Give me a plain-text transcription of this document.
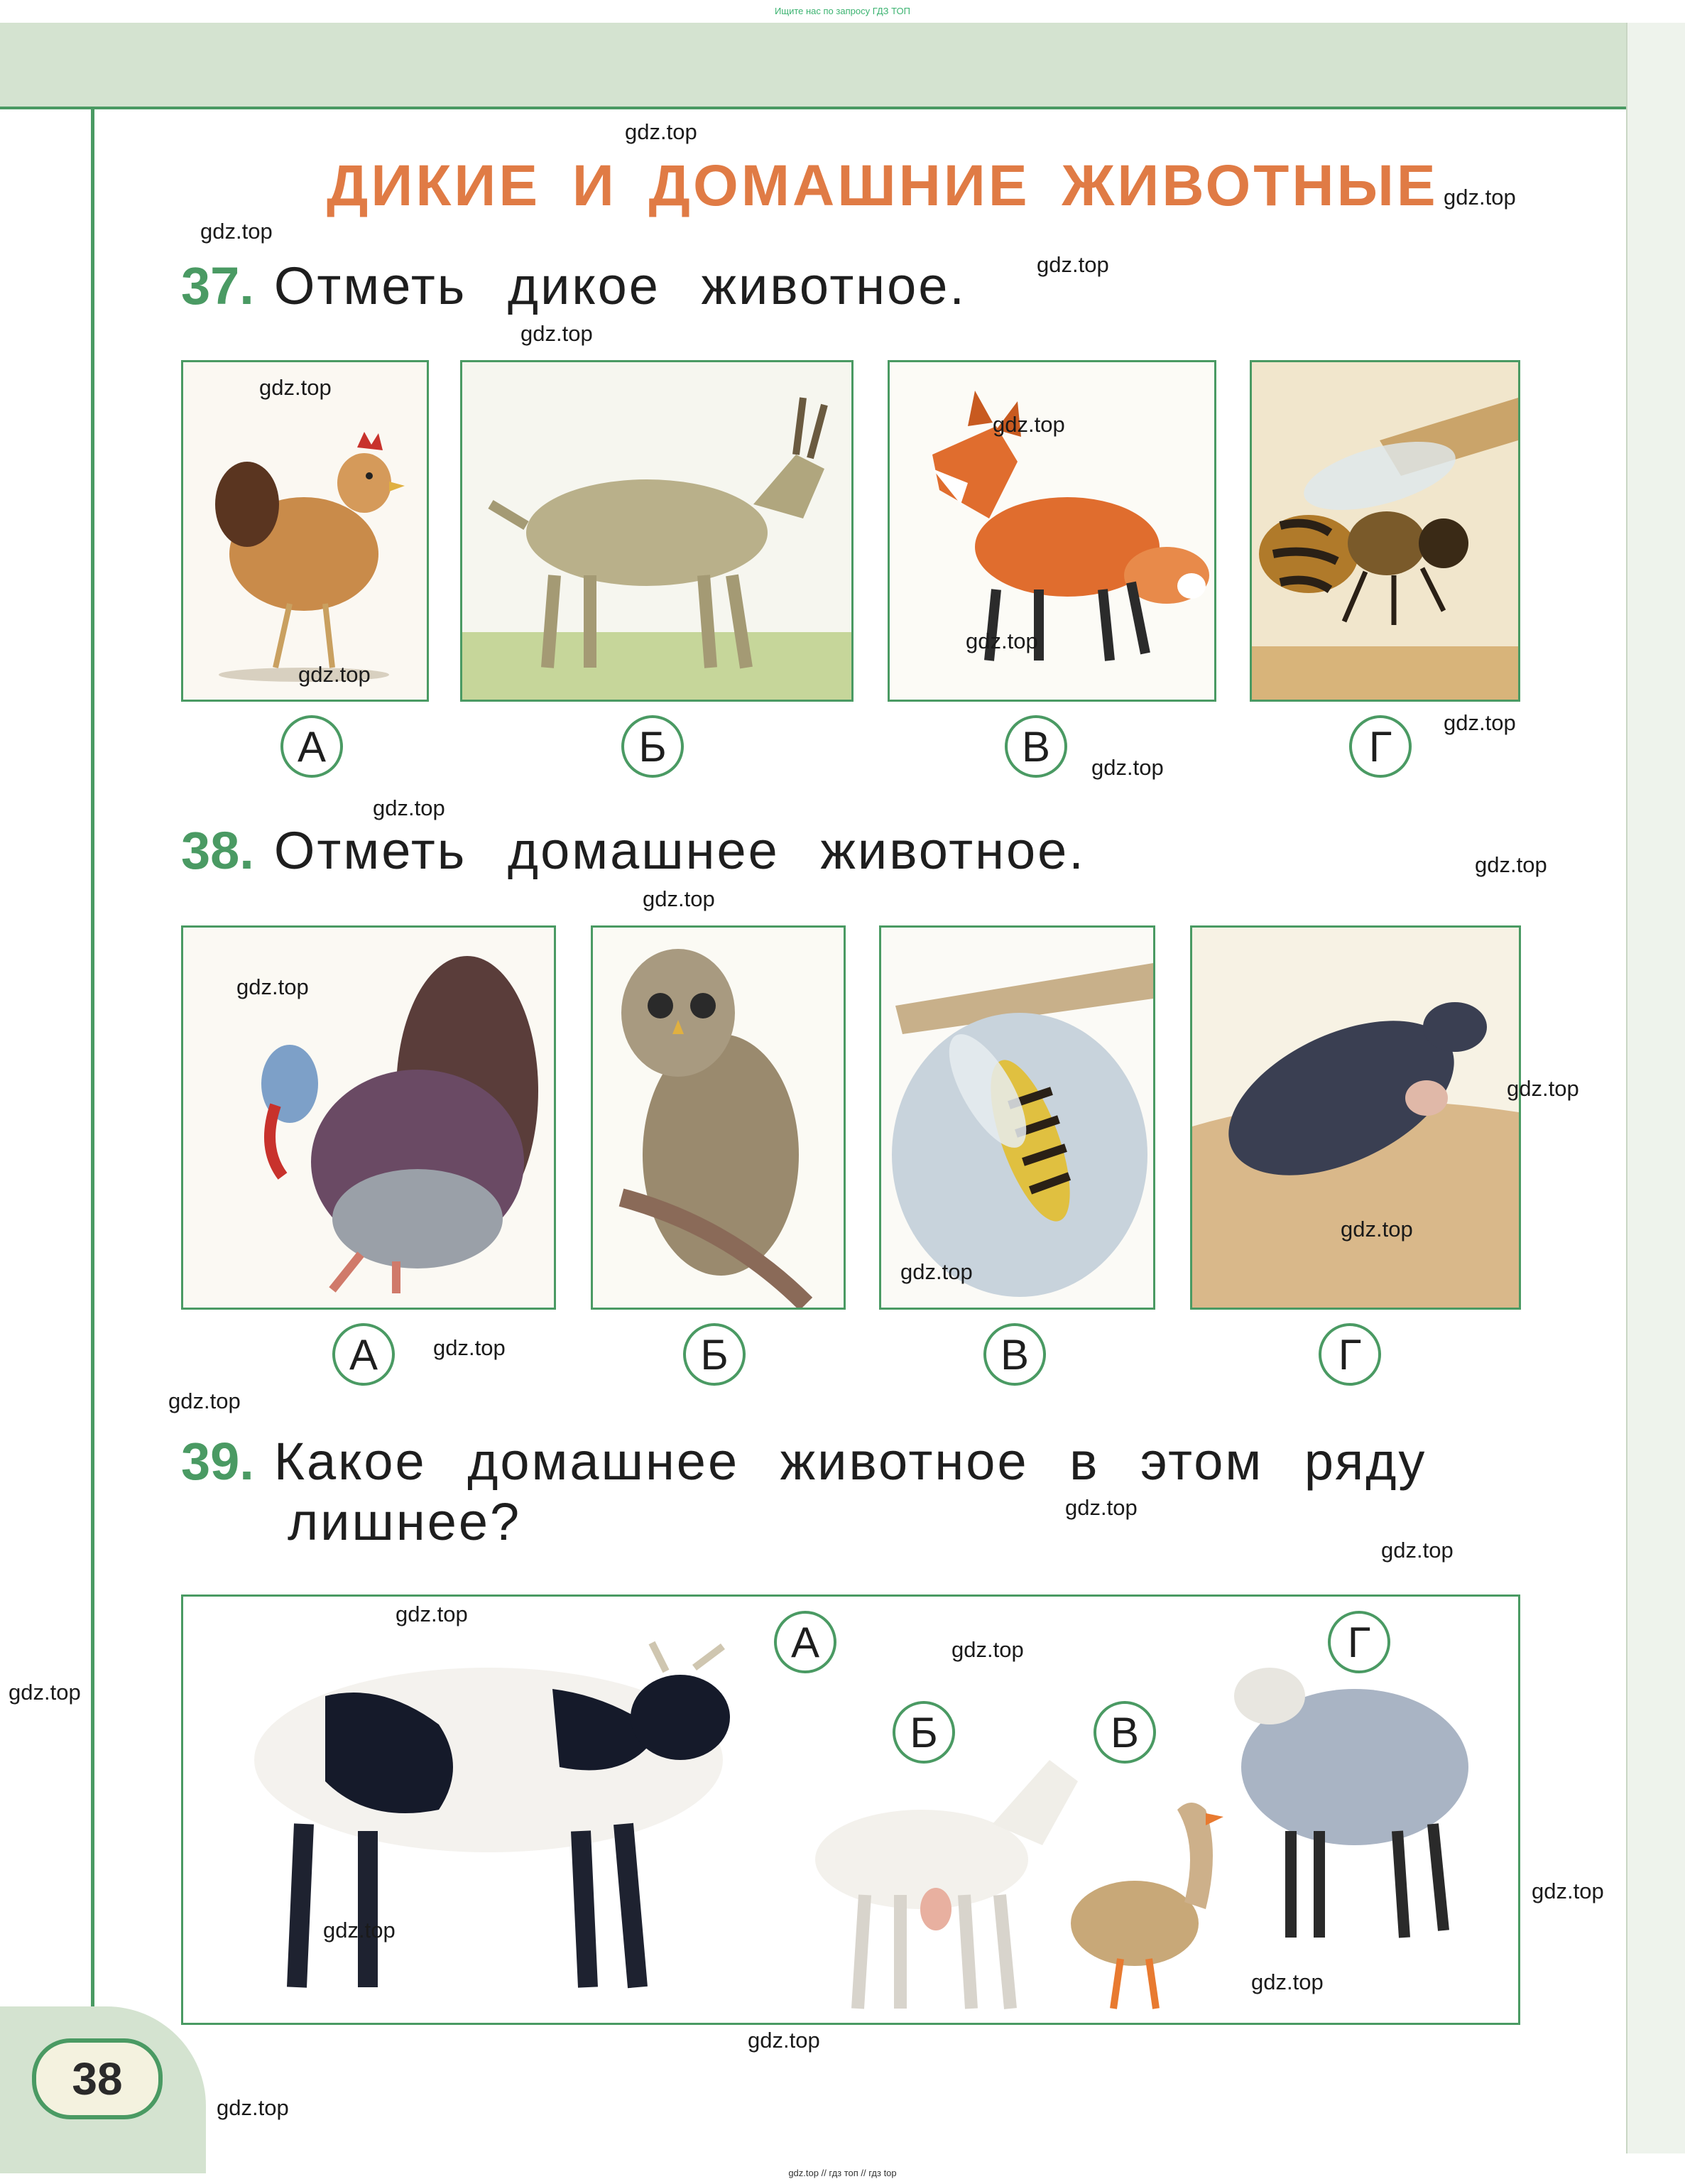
Ищите нас по запросу ГДЗ ТОП
38
ДИКИЕ И ДОМАШНИЕ ЖИВОТНЫЕ
37. Отметь дикое животное.
А	Б	В	Г
38. Отметь домашнее животное.
А	Б	В	Г
39. Какое домашнее животное в этом ряду
лишнее?
А
Б	В
Г
gdz.top
gdz.top
gdz.top
gdz.top
gdz.top
gdz.top
gdz.top
gdz.top
gdz.top
gdz.top
gdz.top
gdz.top
gdz.top
gdz.top
gdz.top
gdz.top
gdz.top
gdz.top
gdz.top
gdz.top
gdz.top
gdz.top
gdz.top
gdz.top
gdz.top
gdz.top
gdz.top
gdz.top
gdz.top
gdz.top
gdz.top // гдз топ // гдз top
